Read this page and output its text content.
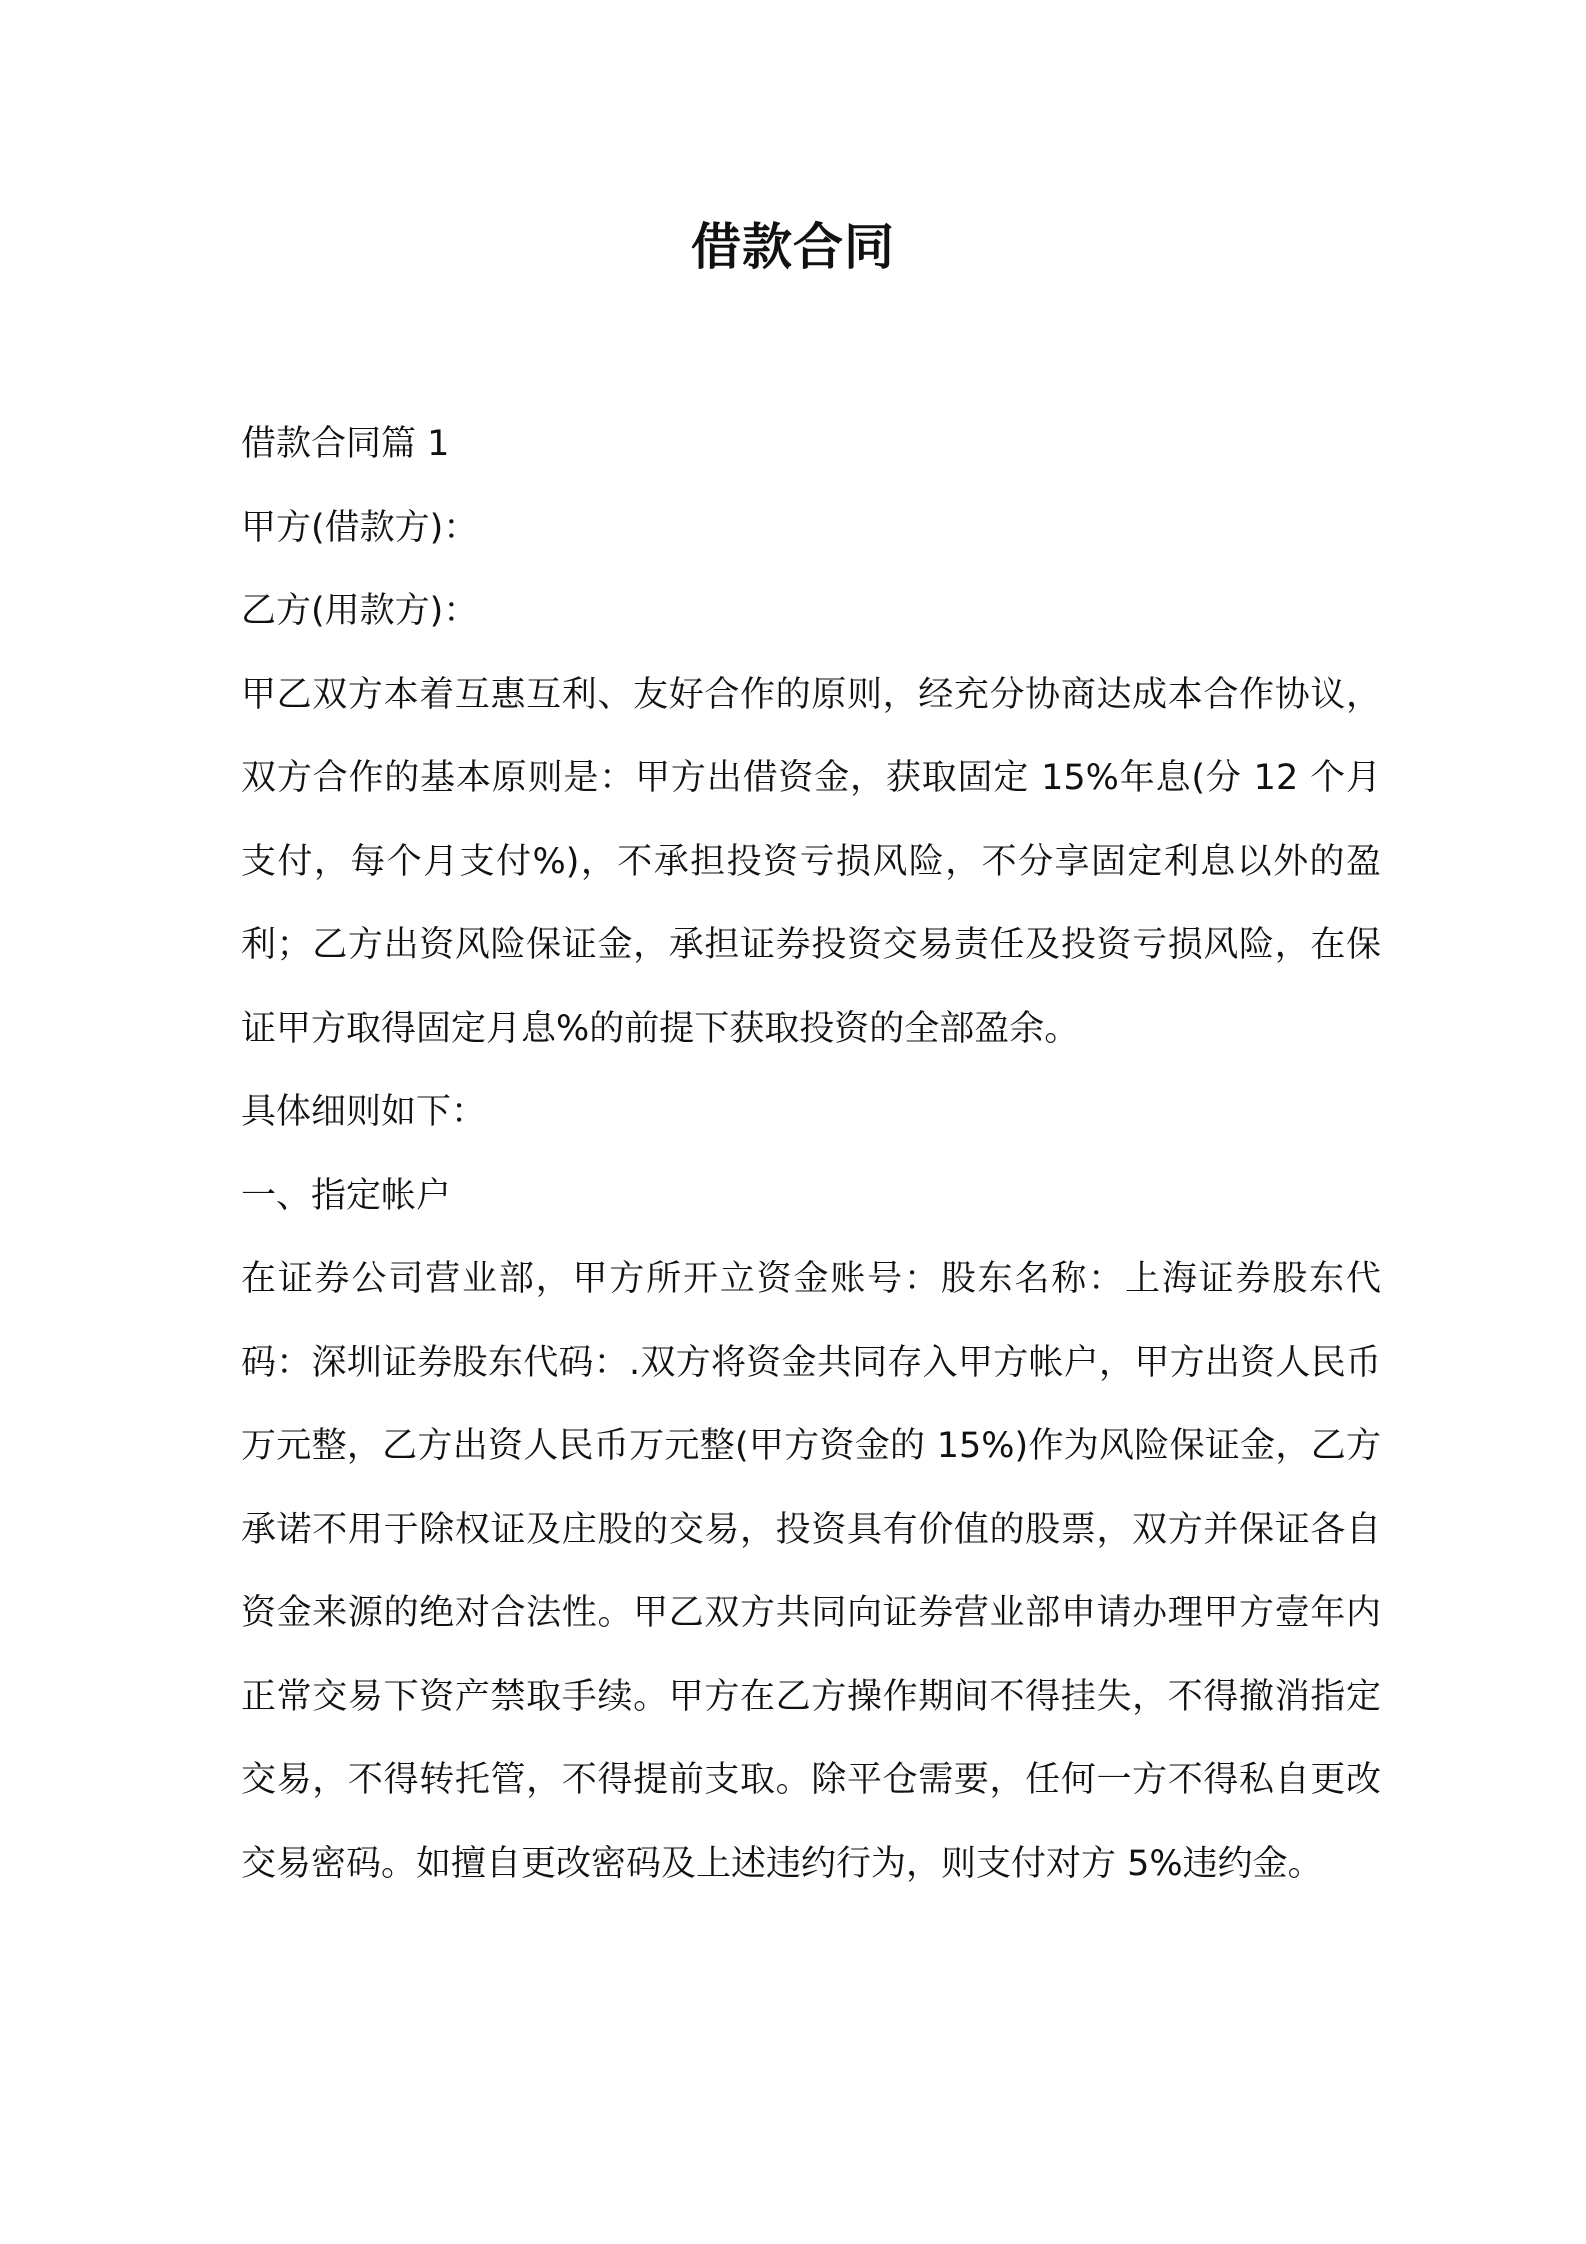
借款合同

借款合同篇 1

甲方(借款方)：

乙方(用款方)：

甲乙双方本着互惠互利、友好合作的原则，经充分协商达成本合作协议，双方合作的基本原则是：甲方出借资金，获取固定 15%年息(分 12 个月支付，每个月支付%)，不承担投资亏损风险，不分享固定利息以外的盈利；乙方出资风险保证金，承担证券投资交易责任及投资亏损风险，在保证甲方取得固定月息%的前提下获取投资的全部盈余。

具体细则如下：

一、指定帐户

在证券公司营业部，甲方所开立资金账号：股东名称：上海证券股东代码：深圳证券股东代码：.双方将资金共同存入甲方帐户，甲方出资人民币万元整，乙方出资人民币万元整(甲方资金的 15%)作为风险保证金，乙方承诺不用于除权证及庄股的交易，投资具有价值的股票，双方并保证各自资金来源的绝对合法性。甲乙双方共同向证券营业部申请办理甲方壹年内正常交易下资产禁取手续。甲方在乙方操作期间不得挂失，不得撤消指定交易，不得转托管，不得提前支取。除平仓需要，任何一方不得私自更改交易密码。如擅自更改密码及上述违约行为，则支付对方 5%违约金。
